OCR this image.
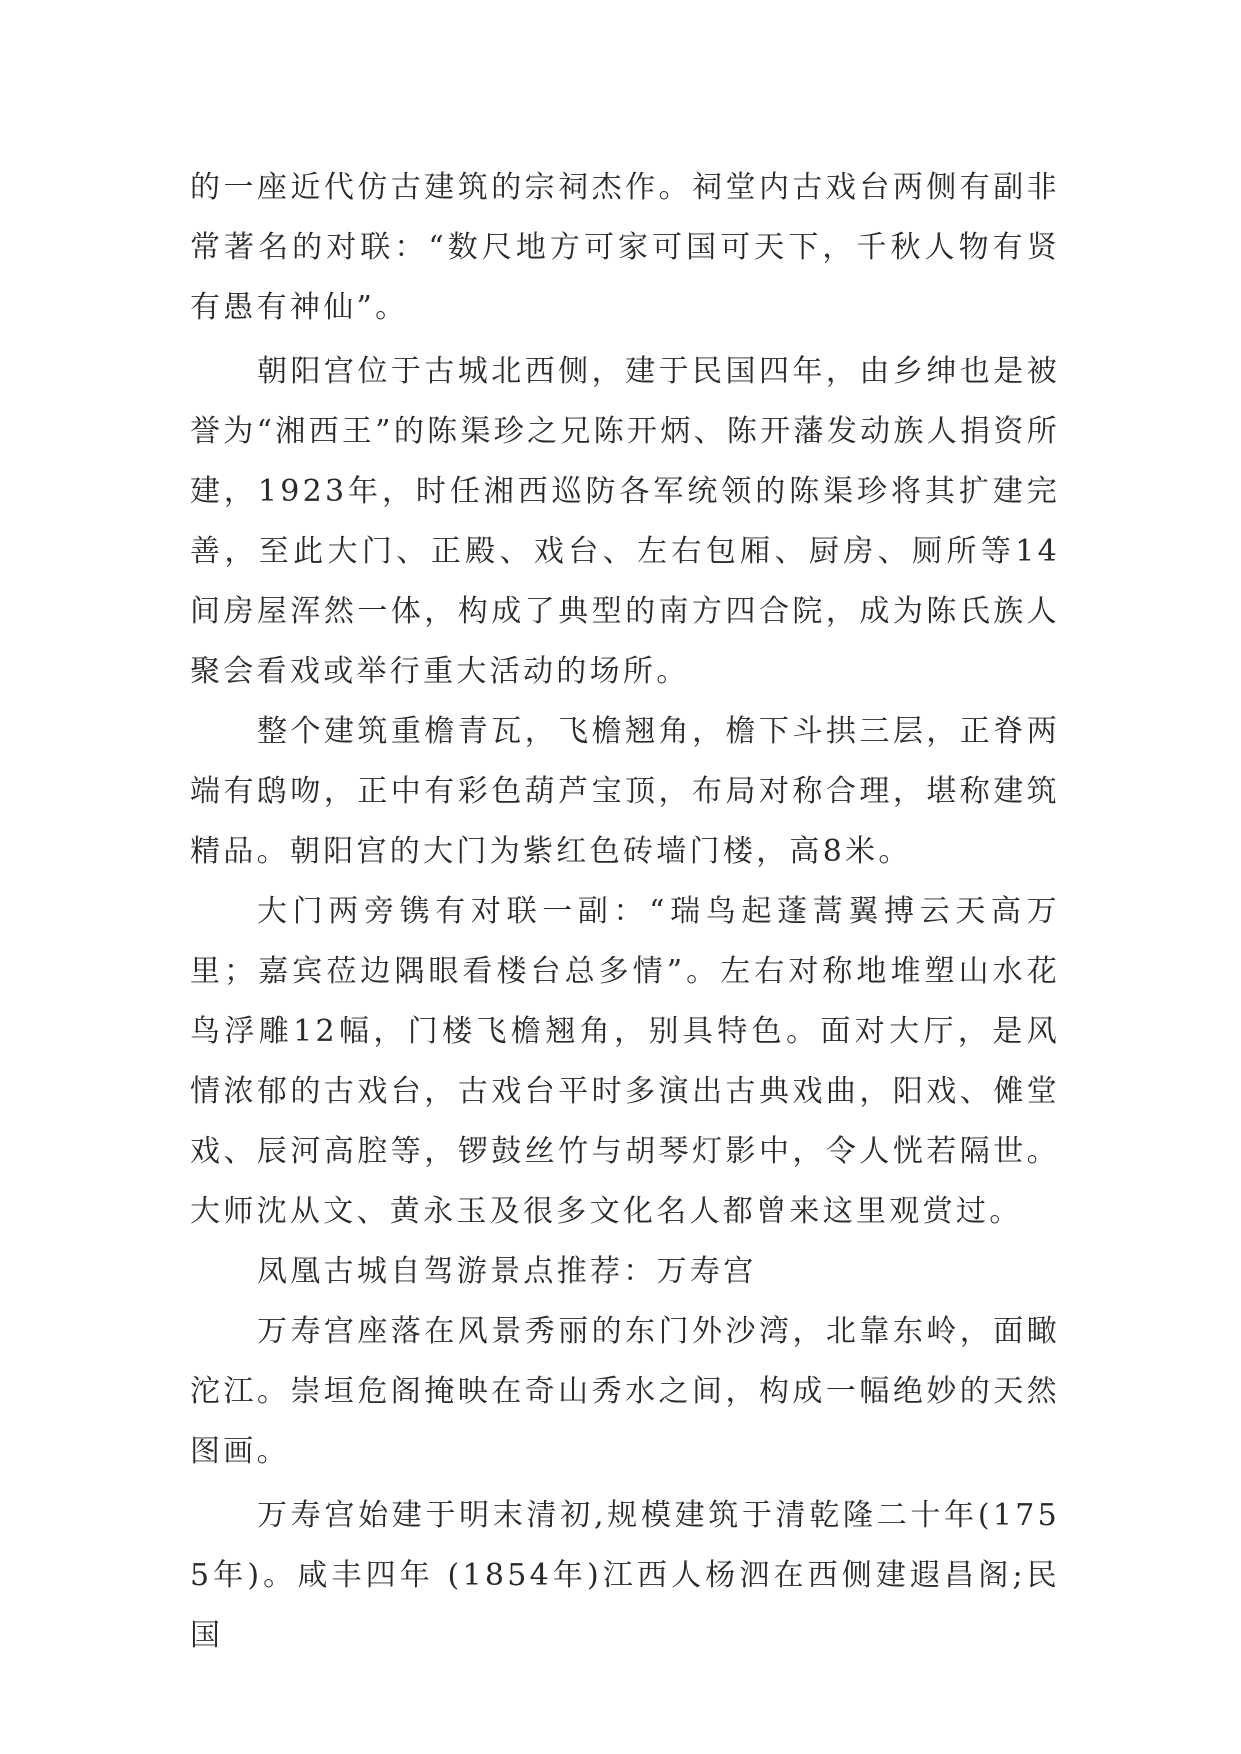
的一座近代仿古建筑的宗祠杰作。祠堂内古戏台两侧有副非常著名的对联：“数尺地方可家可国可天下，千秋人物有贤有愚有神仙”。

朝阳宫位于古城北西侧，建于民国四年，由乡绅也是被誉为“湘西王”的陈渠珍之兄陈开炳、陈开藩发动族人捐资所建，1923年，时任湘西巡防各军统领的陈渠珍将其扩建完善，至此大门、正殿、戏台、左右包厢、厨房、厕所等14间房屋浑然一体，构成了典型的南方四合院，成为陈氏族人聚会看戏或举行重大活动的场所。

整个建筑重檐青瓦，飞檐翘角，檐下斗拱三层，正脊两端有鸱吻，正中有彩色葫芦宝顶，布局对称合理，堪称建筑精品。朝阳宫的大门为紫红色砖墙门楼，高8米。

大门两旁镌有对联一副：“瑞鸟起蓬蒿翼搏云天高万里；嘉宾莅边隅眼看楼台总多情”。左右对称地堆塑山水花鸟浮雕12幅，门楼飞檐翘角，别具特色。面对大厅，是风情浓郁的古戏台，古戏台平时多演出古典戏曲，阳戏、傩堂戏、辰河高腔等，锣鼓丝竹与胡琴灯影中，令人恍若隔世。大师沈从文、黄永玉及很多文化名人都曾来这里观赏过。

凤凰古城自驾游景点推荐：万寿宫

万寿宫座落在风景秀丽的东门外沙湾，北靠东岭，面瞰沱江。崇垣危阁掩映在奇山秀水之间，构成一幅绝妙的天然图画。

万寿宫始建于明末清初,规模建筑于清乾隆二十年(1755年)。咸丰四年 (1854年)江西人杨泗在西侧建遐昌阁;民国
